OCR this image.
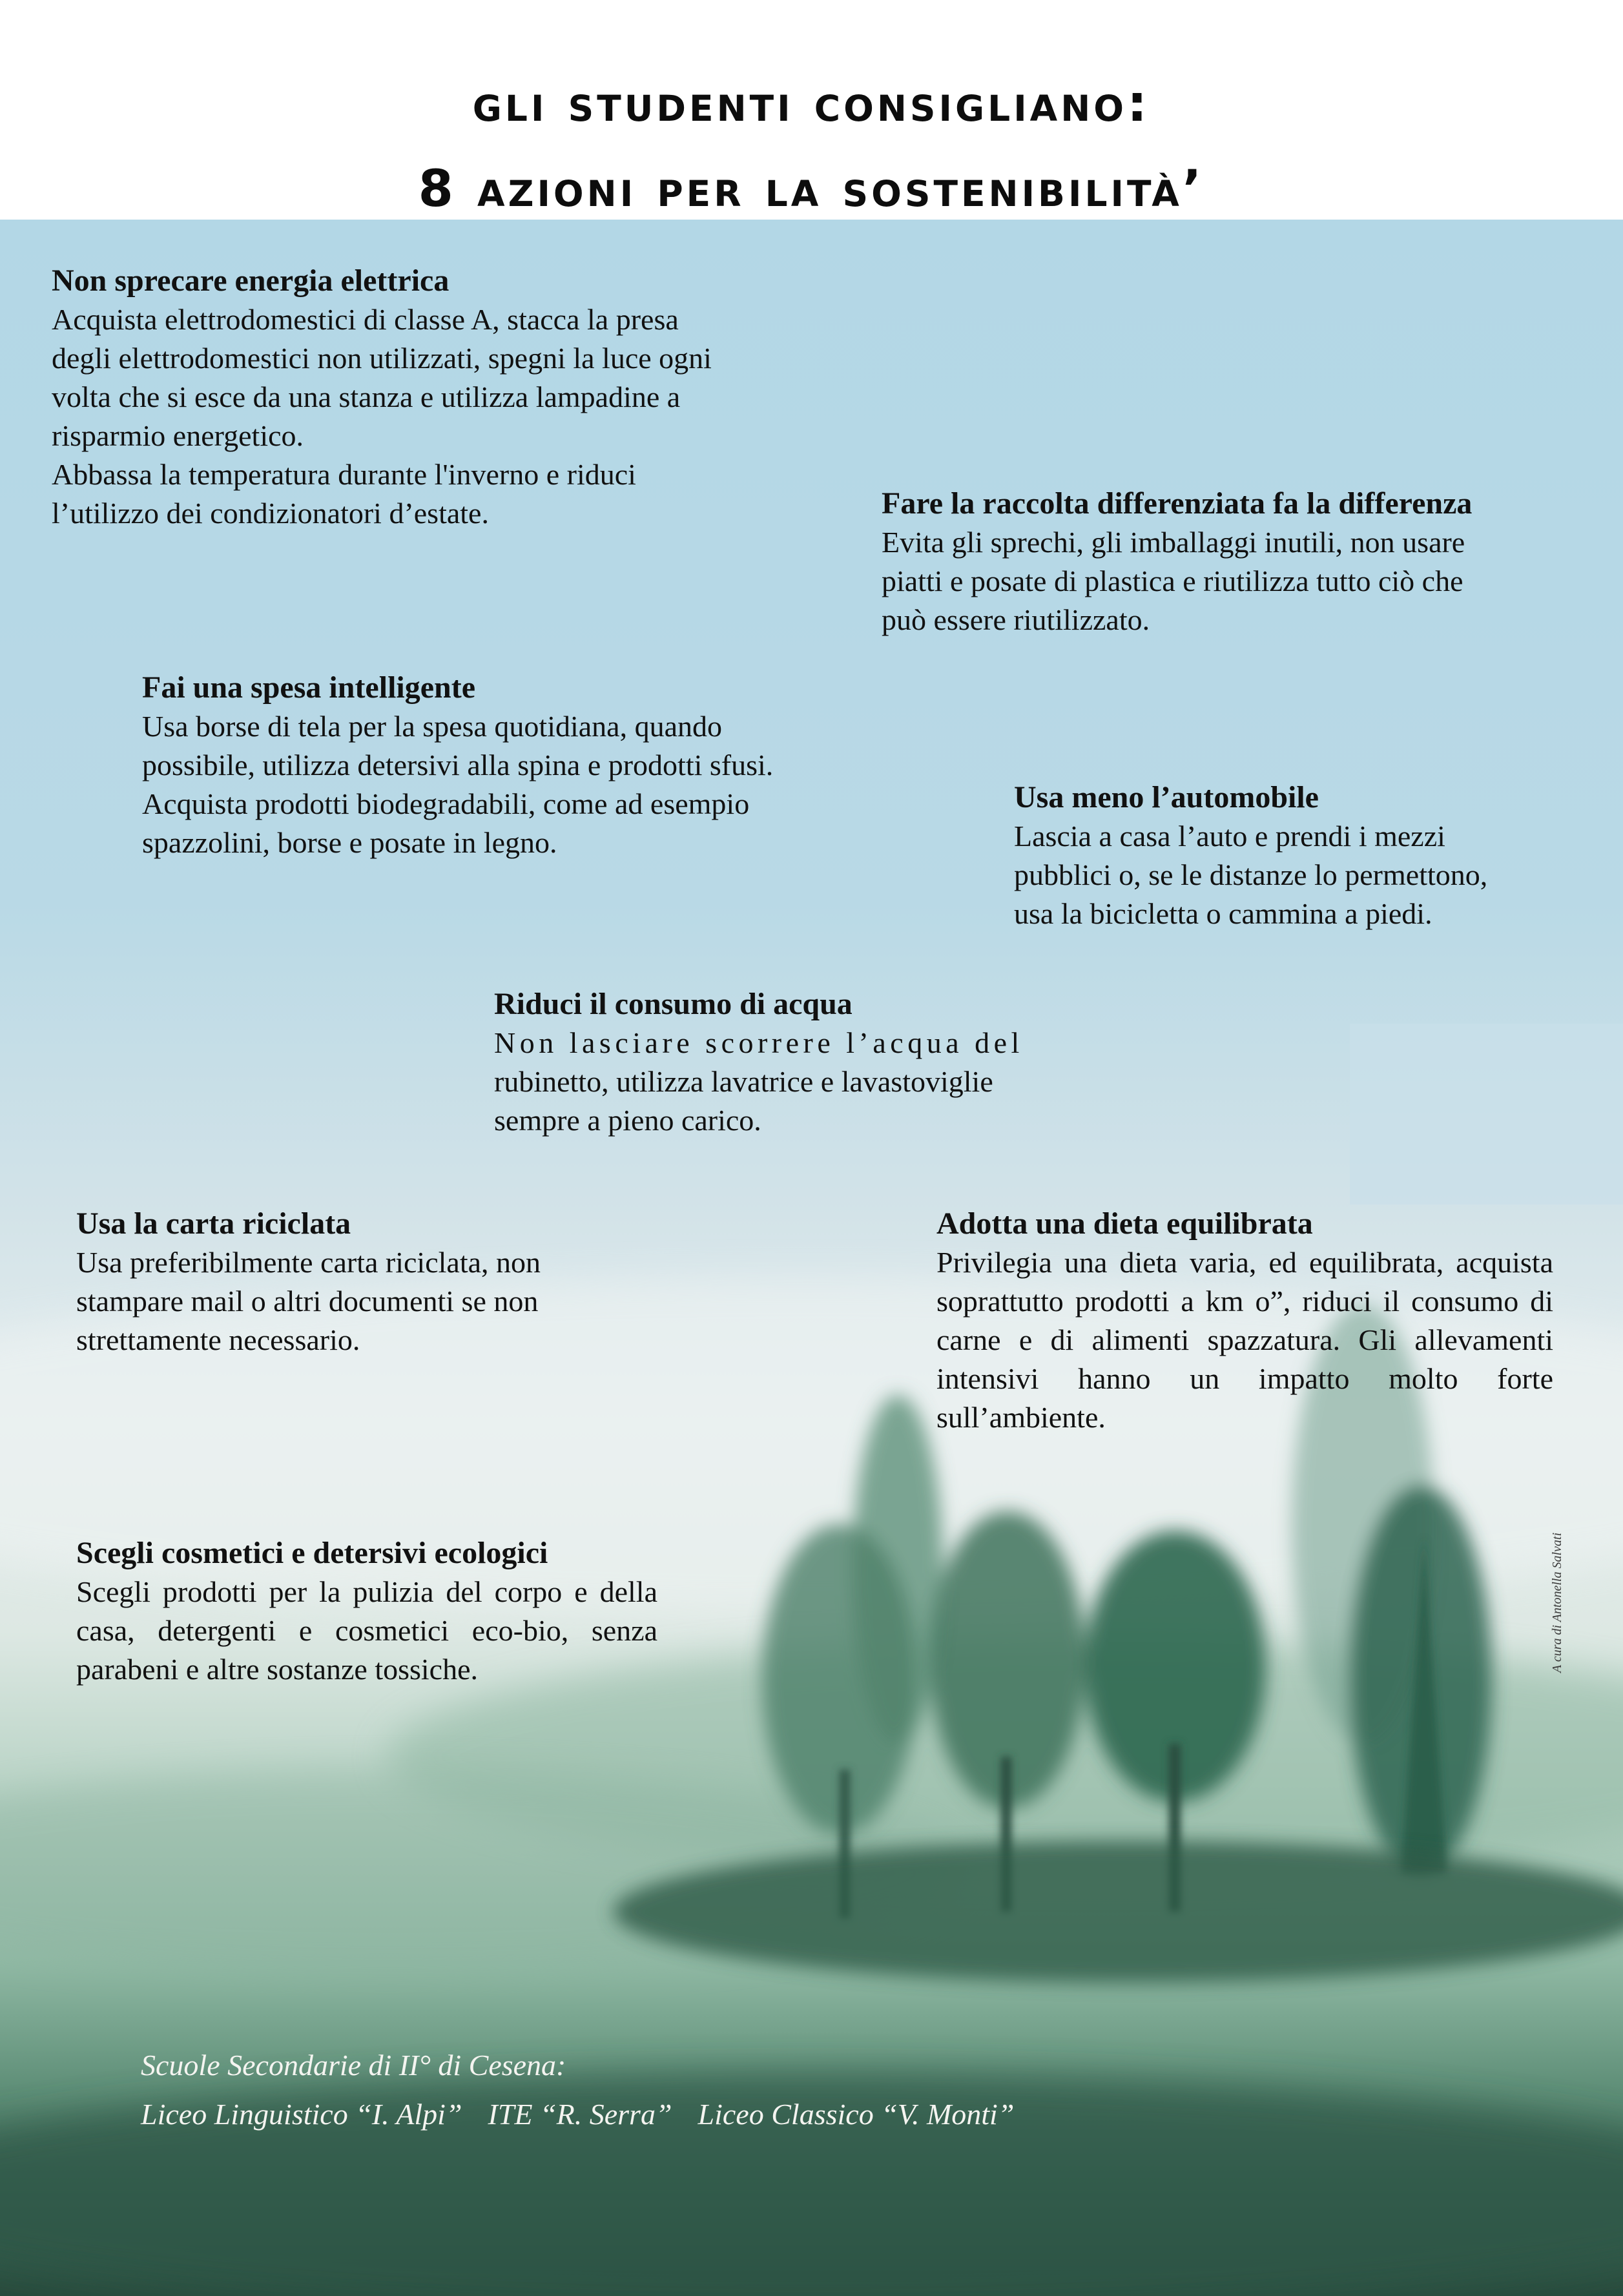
gli studenti consigliano:
8 azioni per la sostenibilità’
Non sprecare energia elettrica

Acquista elettrodomestici di classe A, stacca la presa

degli elettrodomestici non utilizzati, spegni la luce ogni

volta che si esce da una stanza e utilizza lampadine a

risparmio energetico.

Abbassa la temperatura durante l'inverno e riduci

l’utilizzo dei condizionatori d’estate.	Fare la raccolta differenziata fa la differenza

Evita gli sprechi, gli imballaggi inutili, non usare

piatti e posate di plastica e riutilizza tutto ciò che

può essere riutilizzato.

Fai una spesa intelligente

Usa borse di tela per la spesa quotidiana, quando

possibile, utilizza detersivi alla spina e prodotti sfusi.

Acquista prodotti biodegradabili, come ad esempio

spazzolini, borse e posate in legno.

Usa meno l’automobile

Lascia a casa l’auto e prendi i mezzi

pubblici o, se le distanze lo permettono,

usa la bicicletta o cammina a piedi.

Riduci il consumo di acqua

Non lasciare scorrere l’acqua del

rubinetto, utilizza lavatrice e lavastoviglie

sempre a pieno carico.

Usa la carta riciclata

Usa preferibilmente carta riciclata, non

stampare mail o altri documenti se non

strettamente necessario.

Adotta una dieta equilibrata

Privilegia una dieta varia, ed equilibrata, acquista soprattutto prodotti a km o”, riduci il consumo di carne e di alimenti spazzatura. Gli allevamenti intensivi hanno un impatto molto forte sull’ambiente.

Scegli cosmetici e detersivi ecologici

Scegli prodotti per la pulizia del corpo e della casa, detergenti e cosmetici eco-bio, senza parabeni e altre sostanze tossiche.	A cura di Antonella Salvati
Scuole Secondarie di II° di Cesena:
Liceo Linguistico “I. Alpi” ITE “R. Serra” Liceo Classico “V. Monti”
